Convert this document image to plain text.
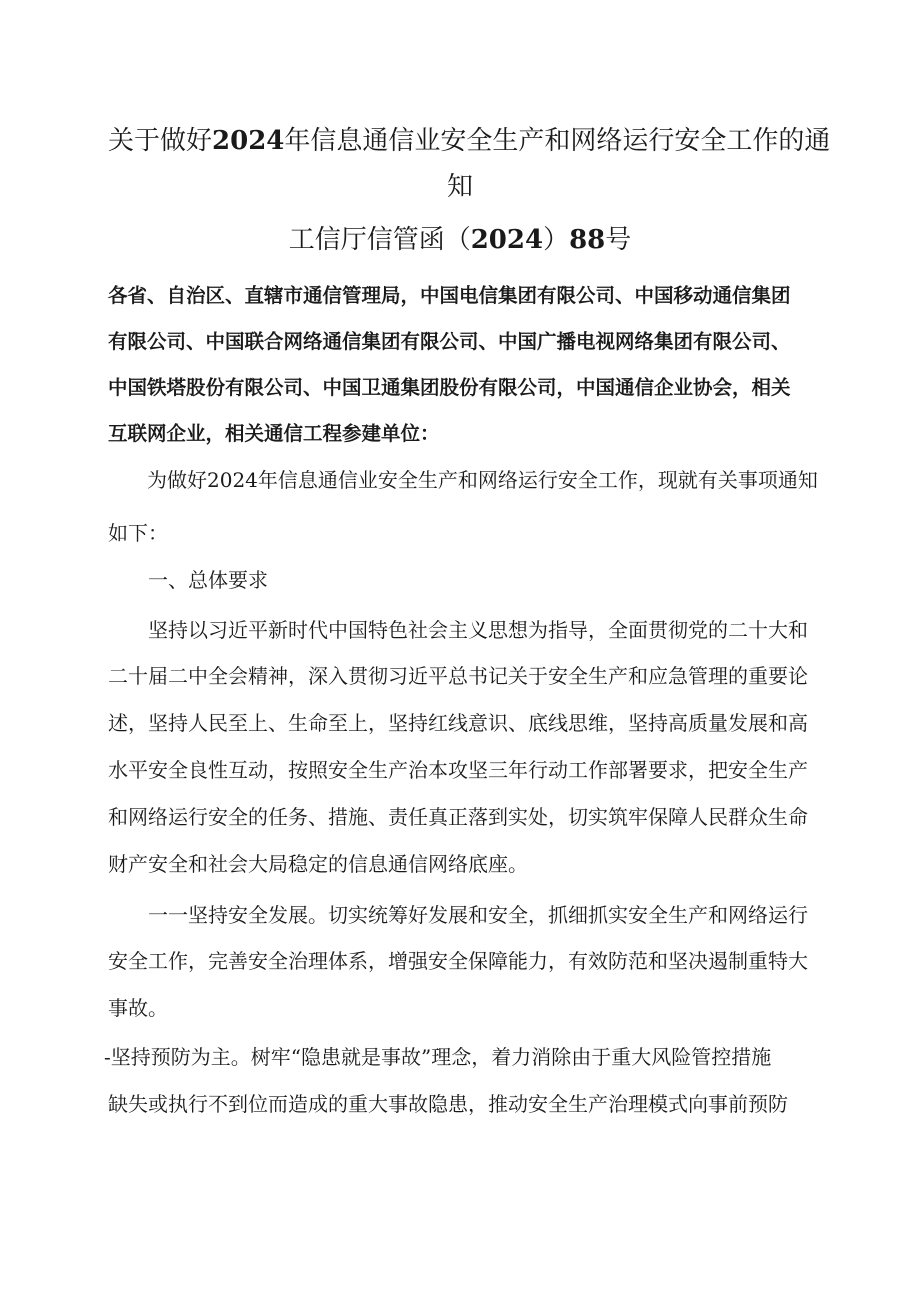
关于做好2024年信息通信业安全生产和网络运行安全工作的通
知
工信厅信管函（2024）88号
各省、自治区、直辖市通信管理局，中国电信集团有限公司、中国移动通信集团
有限公司、中国联合网络通信集团有限公司、中国广播电视网络集团有限公司、
中国铁塔股份有限公司、中国卫通集团股份有限公司，中国通信企业协会，相关
互联网企业，相关通信工程参建单位：
为做好2024年信息通信业安全生产和网络运行安全工作，现就有关事项通知
如下：
一、总体要求
坚持以习近平新时代中国特色社会主义思想为指导，全面贯彻党的二十大和
二十届二中全会精神，深入贯彻习近平总书记关于安全生产和应急管理的重要论
述，坚持人民至上、生命至上，坚持红线意识、底线思维，坚持高质量发展和高
水平安全良性互动，按照安全生产治本攻坚三年行动工作部署要求，把安全生产
和网络运行安全的任务、措施、责任真正落到实处，切实筑牢保障人民群众生命
财产安全和社会大局稳定的信息通信网络底座。
一一坚持安全发展。切实统筹好发展和安全，抓细抓实安全生产和网络运行
安全工作，完善安全治理体系，增强安全保障能力，有效防范和坚决遏制重特大
事故。
-坚持预防为主。树牢“隐患就是事故”理念，着力消除由于重大风险管控措施
缺失或执行不到位而造成的重大事故隐患，推动安全生产治理模式向事前预防
